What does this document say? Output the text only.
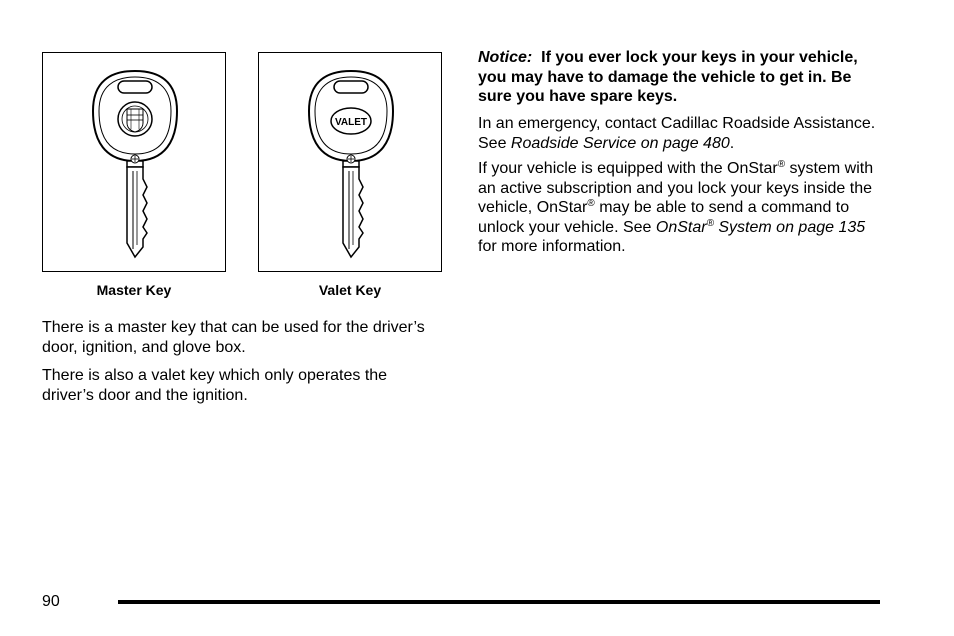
VALET
Master Key	Valet Key

There is a master key that can be used for the driver’s door, ignition, and glove box.

There is also a valet key which only operates the driver’s door and the ignition.

Notice: If you ever lock your keys in your vehicle, you may have to damage the vehicle to get in. Be sure you have spare keys.

In an emergency, contact Cadillac Roadside Assistance. See Roadside Service on page 480.

If your vehicle is equipped with the OnStar® system with an active subscription and you lock your keys inside the vehicle, OnStar® may be able to send a command to unlock your vehicle. See OnStar® System on page 135 for more information.

90
